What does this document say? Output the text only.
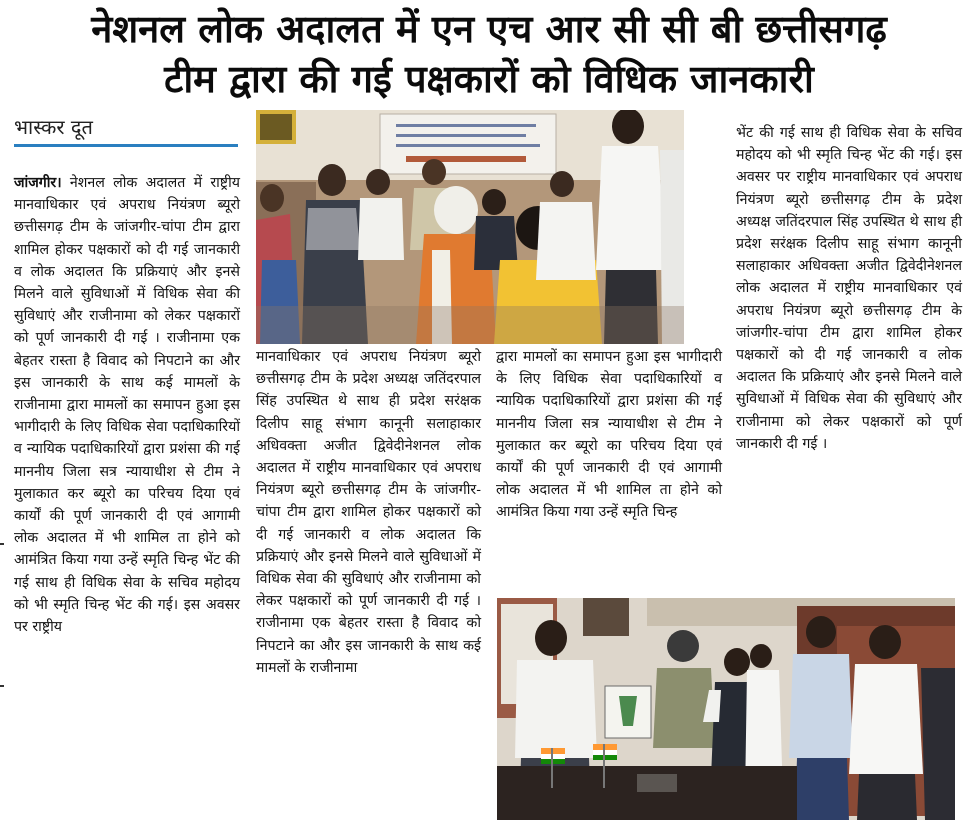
नेशनल लोक अदालत में एन एच आर सी सी बी छत्तीसगढ़
टीम द्वारा की गई पक्षकारों को विधिक जानकारी
भास्कर दूत

जांजगीर। नेशनल लोक अदालत में राष्ट्रीय मानवाधिकार एवं अपराध नियंत्रण ब्यूरो छत्तीसगढ़ टीम के जांजगीर-चांपा टीम द्वारा शामिल होकर पक्षकारों को दी गई जानकारी व लोक अदालत कि प्रक्रियाएं और इनसे मिलने वाले सुविधाओं में विधिक सेवा की सुविधाएं और राजीनामा को लेकर पक्षकारों को पूर्ण जानकारी दी गई । राजीनामा एक बेहतर रास्ता है विवाद को निपटाने का और इस जानकारी के साथ कई मामलों के राजीनामा द्वारा मामलों का समापन हुआ इस भागीदारी के लिए विधिक सेवा पदाधिकारियों व न्यायिक पदाधिकारियों द्वारा प्रशंसा की गई माननीय जिला सत्र न्यायाधीश से टीम ने मुलाकात कर ब्यूरो का परिचय दिया एवं कार्यों की पूर्ण जानकारी दी एवं आगामी लोक अदालत में भी शामिल ता होने को आमंत्रित किया गया उन्हें स्मृति चिन्ह भेंट की गई साथ ही विधिक सेवा के सचिव महोदय को भी स्मृति चिन्ह भेंट की गई। इस अवसर पर राष्ट्रीय

मानवाधिकार एवं अपराध नियंत्रण ब्यूरो छत्तीसगढ़ टीम के प्रदेश अध्यक्ष जतिंदरपाल सिंह उपस्थित थे साथ ही प्रदेश सरंक्षक दिलीप साहू संभाग कानूनी सलाहाकार अधिवक्ता अजीत द्विवेदीनेशनल लोक अदालत में राष्ट्रीय मानवाधिकार एवं अपराध नियंत्रण ब्यूरो छत्तीसगढ़ टीम के जांजगीर-चांपा टीम द्वारा शामिल होकर पक्षकारों को दी गई जानकारी व लोक अदालत कि प्रक्रियाएं और इनसे मिलने वाले सुविधाओं में विधिक सेवा की सुविधाएं और राजीनामा को लेकर पक्षकारों को पूर्ण जानकारी दी गई । राजीनामा एक बेहतर रास्ता है विवाद को निपटाने का और इस जानकारी के साथ कई मामलों के राजीनामा

द्वारा मामलों का समापन हुआ इस भागीदारी के लिए विधिक सेवा पदाधिकारियों व न्यायिक पदाधिकारियों द्वारा प्रशंसा की गई माननीय जिला सत्र न्यायाधीश से टीम ने मुलाकात कर ब्यूरो का परिचय दिया एवं कार्यों की पूर्ण जानकारी दी एवं आगामी लोक अदालत में भी शामिल ता होने को आमंत्रित किया गया उन्हें स्मृति चिन्ह

भेंट की गई साथ ही विधिक सेवा के सचिव महोदय को भी स्मृति चिन्ह भेंट की गई। इस अवसर पर राष्ट्रीय मानवाधिकार एवं अपराध नियंत्रण ब्यूरो छत्तीसगढ़ टीम के प्रदेश अध्यक्ष जतिंदरपाल सिंह उपस्थित थे साथ ही प्रदेश सरंक्षक दिलीप साहू संभाग कानूनी सलाहाकार अधिवक्ता अजीत द्विवेदीनेशनल लोक अदालत में राष्ट्रीय मानवाधिकार एवं अपराध नियंत्रण ब्यूरो छत्तीसगढ़ टीम के जांजगीर-चांपा टीम द्वारा शामिल होकर पक्षकारों को दी गई जानकारी व लोक अदालत कि प्रक्रियाएं और इनसे मिलने वाले सुविधाओं में विधिक सेवा की सुविधाएं और राजीनामा को लेकर पक्षकारों को पूर्ण जानकारी दी गई ।
